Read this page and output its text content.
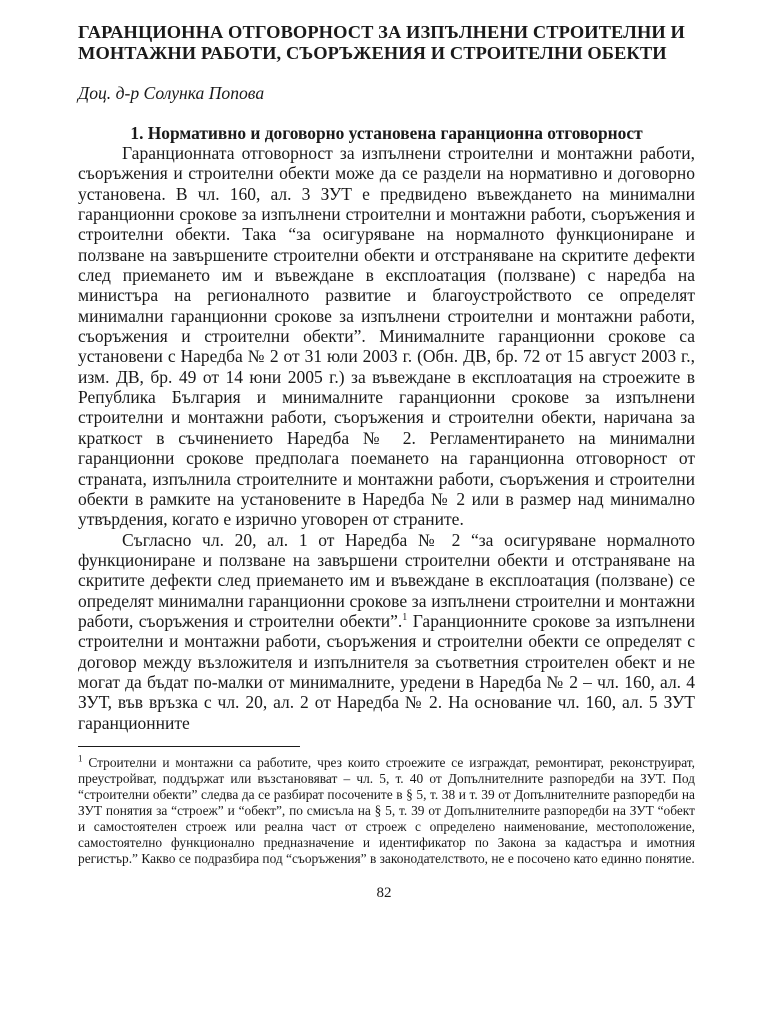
ГАРАНЦИОННА ОТГОВОРНОСТ ЗА ИЗПЪЛНЕНИ СТРОИТЕЛНИ И
МОНТАЖНИ РАБОТИ, СЪОРЪЖЕНИЯ И СТРОИТЕЛНИ ОБЕКТИ

Доц. д-р Солунка Попова

1. Нормативно и договорно установена гаранционна отговорност

Гаранционната отговорност за изпълнени строителни и монтажни работи, съоръжения и строителни обекти може да се раздели на нормативно и договорно установена. В чл. 160, ал. 3 ЗУТ е предвидено въвеждането на минимални гаранционни срокове за изпълнени строителни и монтажни работи, съоръжения и строителни обекти. Така “за осигуряване на нормалното функциониране и ползване на завършените строителни обекти и отстраняване на скритите дефекти след приемането им и въвеждане в експлоатация (ползване) с наредба на министъра на регионалното развитие и благоустройството се определят минимални гаранционни срокове за изпълнени строителни и монтажни работи, съоръжения и строителни обекти”. Минималните гаранционни срокове са установени с Наредба № 2 от 31 юли 2003 г. (Обн. ДВ, бр. 72 от 15 август 2003 г., изм. ДВ, бр. 49 от 14 юни 2005 г.) за въвеждане в експлоатация на строежите в Република България и минималните гаранционни срокове за изпълнени строителни и монтажни работи, съоръжения и строителни обекти, наричана за краткост в съчинението Наредба № 2. Регламентирането на минимални гаранционни срокове предполага поемането на гаранционна отговорност от страната, изпълнила строителните и монтажни работи, съоръжения и строителни обекти в рамките на установените в Наредба № 2 или в размер над минимално утвърдения, когато е изрично уговорен от страните.

Съгласно чл. 20, ал. 1 от Наредба № 2 “за осигуряване нормалното функциониране и ползване на завършени строителни обекти и отстраняване на скритите дефекти след приемането им и въвеждане в експлоатация (ползване) се определят минимални гаранционни срокове за изпълнени строителни и монтажни работи, съоръжения и строителни обекти”.$^1$ Гаранционните срокове за изпълнени строителни и монтажни работи, съоръжения и строителни обекти се определят с договор между възложителя и изпълнителя за съответния строителен обект и не могат да бъдат по-малки от минималните, уредени в Наредба № 2 – чл. 160, ал. 4 ЗУТ, във връзка с чл. 20, ал. 2 от Наредба № 2. На основание чл. 160, ал. 5 ЗУТ гаранционните

$^1$ Строителни и монтажни са работите, чрез които строежите се изграждат, ремонтират, реконструират, преустройват, поддържат или възстановяват – чл. 5, т. 40 от Допълнителните разпоредби на ЗУТ. Под “строителни обекти” следва да се разбират посочените в § 5, т. 38 и т. 39 от Допълнителните разпоредби на ЗУТ понятия за “строеж” и “обект”, по смисъла на § 5, т. 39 от Допълнителните разпоредби на ЗУТ “обект и самостоятелен строеж или реална част от строеж с определено наименование, местоположение, самостоятелно функционално предназначение и идентификатор по Закона за кадастъра и имотния регистър.” Какво се подразбира под “съоръжения” в законодателството, не е посочено като единно понятие.

82
